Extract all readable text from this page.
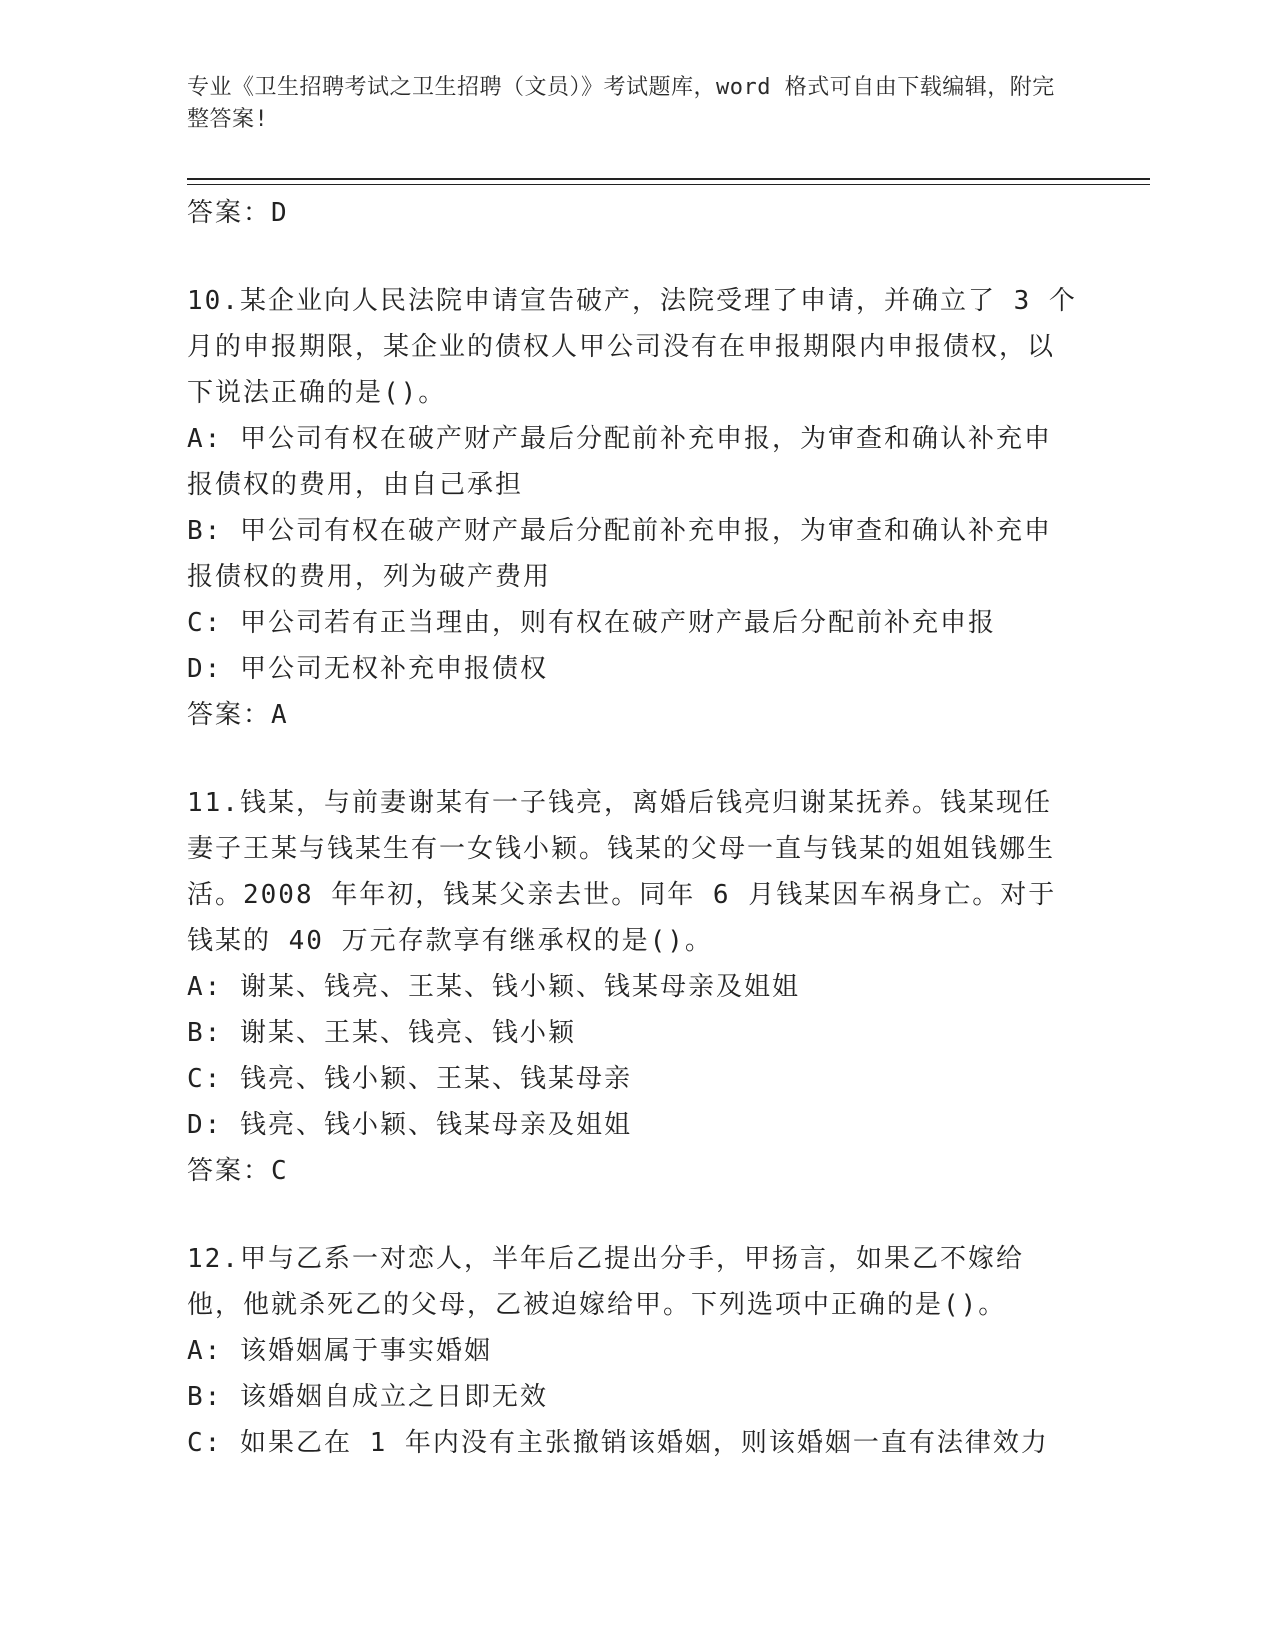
专业《卫生招聘考试之卫生招聘（文员）》考试题库，word 格式可自由下载编辑，附完整答案!

答案：D

10.某企业向人民法院申请宣告破产，法院受理了申请，并确立了 3 个月的申报期限，某企业的债权人甲公司没有在申报期限内申报债权，以下说法正确的是()。

A: 甲公司有权在破产财产最后分配前补充申报，为审查和确认补充申报债权的费用，由自己承担

B: 甲公司有权在破产财产最后分配前补充申报，为审查和确认补充申报债权的费用，列为破产费用

C: 甲公司若有正当理由，则有权在破产财产最后分配前补充申报

D: 甲公司无权补充申报债权

答案：A

11.钱某，与前妻谢某有一子钱亮，离婚后钱亮归谢某抚养。钱某现任妻子王某与钱某生有一女钱小颖。钱某的父母一直与钱某的姐姐钱娜生活。2008 年年初，钱某父亲去世。同年 6 月钱某因车祸身亡。对于钱某的 40 万元存款享有继承权的是()。

A: 谢某、钱亮、王某、钱小颖、钱某母亲及姐姐

B: 谢某、王某、钱亮、钱小颖

C: 钱亮、钱小颖、王某、钱某母亲

D: 钱亮、钱小颖、钱某母亲及姐姐

答案：C

12.甲与乙系一对恋人，半年后乙提出分手，甲扬言，如果乙不嫁给他，他就杀死乙的父母，乙被迫嫁给甲。下列选项中正确的是()。

A: 该婚姻属于事实婚姻

B: 该婚姻自成立之日即无效

C: 如果乙在 1 年内没有主张撤销该婚姻，则该婚姻一直有法律效力
